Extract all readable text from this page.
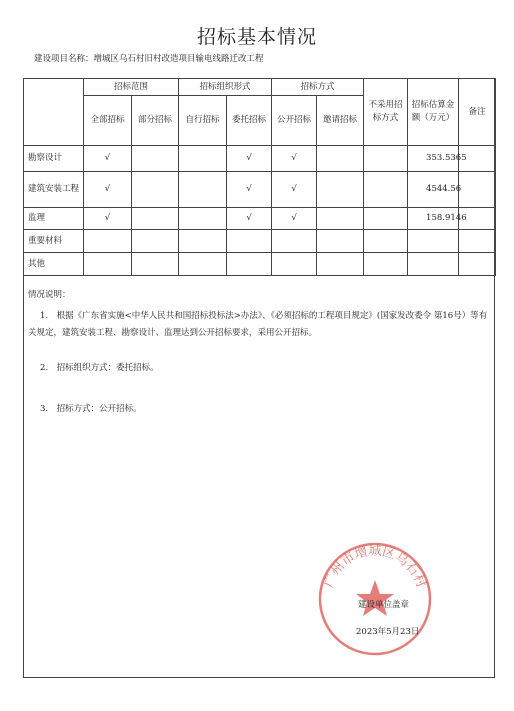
招标基本情况
建设项目名称：增城区乌石村旧村改造项目输电线路迁改工程
	招标范围		招标组织形式		招标方式		不采用招标方式	招标估算金额（万元）	备注
	全部招标	部分招标	自行招标	委托招标	公开招标	邀请招标			
勘察设计	√			√	√			353.5365	
建筑安装工程	√			√	√			4544.56	
监理	√			√	√			158.9146	
重要材料									
其他									

情况说明：

1.　根据《广东省实施<中华人民共和国招标投标法>办法》、《必须招标的工程项目规定》(国家发改委令 第16号）等有关规定，建筑安装工程、勘察设计、监理达到公开招标要求，采用公开招标。

2.　招标组织方式：委托招标。

3.　招标方式：公开招标。

广州市增城区乌石村
建设单位盖章
2023年5月23日
